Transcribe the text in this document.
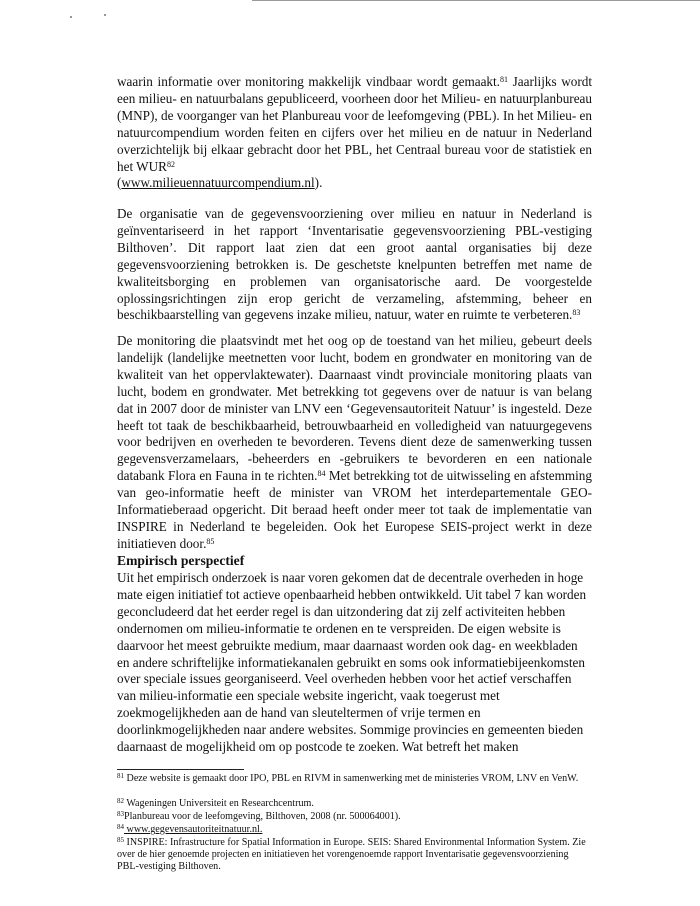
waarin informatie over monitoring makkelijk vindbaar wordt gemaakt.$^{81}$ Jaarlijks wordt een milieu- en natuurbalans gepubliceerd, voorheen door het Milieu- en natuurplanbureau (MNP), de voorganger van het Planbureau voor de leefomgeving (PBL). In het Milieu- en natuurcompendium worden feiten en cijfers over het milieu en de natuur in Nederland overzichtelijk bij elkaar gebracht door het PBL, het Centraal bureau voor de statistiek en het WUR$^{82}$
(www.milieuennatuurcompendium.nl).

De organisatie van de gegevensvoorziening over milieu en natuur in Nederland is geïnventariseerd in het rapport ‘Inventarisatie gegevensvoorziening PBL-vestiging Bilthoven’. Dit rapport laat zien dat een groot aantal organisaties bij deze gegevensvoorziening betrokken is. De geschetste knelpunten betreffen met name de kwaliteitsborging en problemen van organisatorische aard. De voorgestelde oplossingsrichtingen zijn erop gericht de verzameling, afstemming, beheer en beschikbaarstelling van gegevens inzake milieu, natuur, water en ruimte te verbeteren.$^{83}$

De monitoring die plaatsvindt met het oog op de toestand van het milieu, gebeurt deels landelijk (landelijke meetnetten voor lucht, bodem en grondwater en monitoring van de kwaliteit van het oppervlaktewater). Daarnaast vindt provinciale monitoring plaats van lucht, bodem en grondwater. Met betrekking tot gegevens over de natuur is van belang dat in 2007 door de minister van LNV een ‘Gegevensautoriteit Natuur’ is ingesteld. Deze heeft tot taak de beschikbaarheid, betrouwbaarheid en volledigheid van natuurgegevens voor bedrijven en overheden te bevorderen. Tevens dient deze de samenwerking tussen gegevensverzamelaars, -beheerders en -gebruikers te bevorderen en een nationale databank Flora en Fauna in te richten.$^{84}$ Met betrekking tot de uitwisseling en afstemming van geo-informatie heeft de minister van VROM het interdepartementale GEO-Informatieberaad opgericht. Dit beraad heeft onder meer tot taak de implementatie van INSPIRE in Nederland te begeleiden. Ook het Europese SEIS-project werkt in deze initiatieven door.$^{85}$

Empirisch perspectief

Uit het empirisch onderzoek is naar voren gekomen dat de decentrale overheden in hoge mate eigen initiatief tot actieve openbaarheid hebben ontwikkeld. Uit tabel 7 kan worden geconcludeerd dat het eerder regel is dan uitzondering dat zij zelf activiteiten hebben ondernomen om milieu-informatie te ordenen en te verspreiden. De eigen website is daarvoor het meest gebruikte medium, maar daarnaast worden ook dag- en weekbladen en andere schriftelijke informatiekanalen gebruikt en soms ook informatiebijeenkomsten over speciale issues georganiseerd. Veel overheden hebben voor het actief verschaffen van milieu-informatie een speciale website ingericht, vaak toegerust met zoekmogelijkheden aan de hand van sleuteltermen of vrije termen en doorlinkmogelijkheden naar andere websites. Sommige provincies en gemeenten bieden daarnaast de mogelijkheid om op postcode te zoeken. Wat betreft het maken

$^{81}$ Deze website is gemaakt door IPO, PBL en RIVM in samenwerking met de ministeries VROM, LNV en VenW.

$^{82}$ Wageningen Universiteit en Researchcentrum.

$^{83}$Planbureau voor de leefomgeving, Bilthoven, 2008 (nr. 500064001).

$^{84}$ www.gegevensautoriteitnatuur.nl.

$^{85}$ INSPIRE: Infrastructure for Spatial Information in Europe. SEIS: Shared Environmental Information System. Zie over de hier genoemde projecten en initiatieven het vorengenoemde rapport Inventarisatie gegevensvoorziening PBL-vestiging Bilthoven.
